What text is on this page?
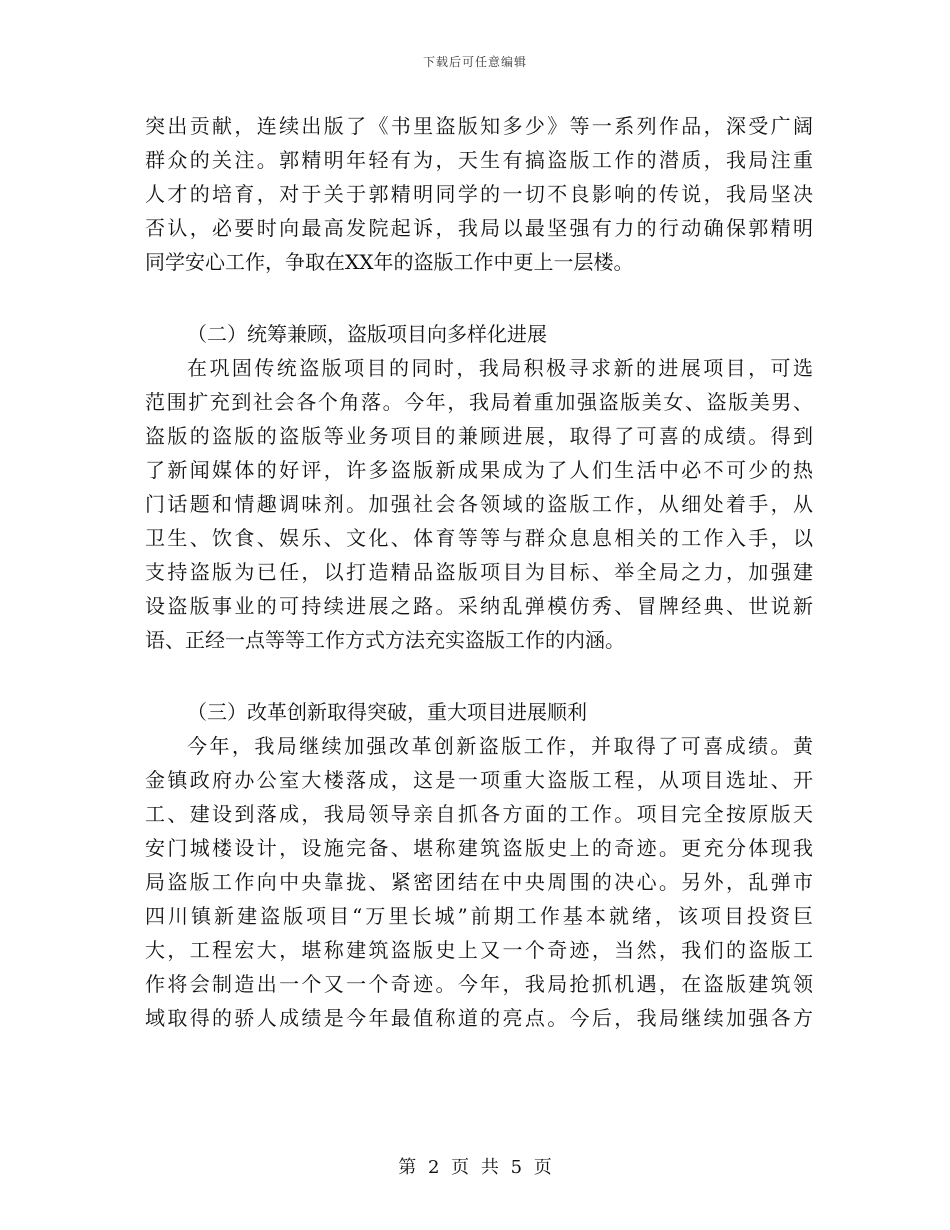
下载后可任意编辑
突出贡献，连续出版了《书里盗版知多少》等一系列作品，深受广阔
群众的关注。郭精明年轻有为，天生有搞盗版工作的潜质，我局注重
人才的培育，对于关于郭精明同学的一切不良影响的传说，我局坚决
否认，必要时向最高发院起诉，我局以最坚强有力的行动确保郭精明
同学安心工作，争取在XX年的盗版工作中更上一层楼。
（二）统筹兼顾，盗版项目向多样化进展
在巩固传统盗版项目的同时，我局积极寻求新的进展项目，可选
范围扩充到社会各个角落。今年，我局着重加强盗版美女、盗版美男、
盗版的盗版的盗版等业务项目的兼顾进展，取得了可喜的成绩。得到
了新闻媒体的好评，许多盗版新成果成为了人们生活中必不可少的热
门话题和情趣调味剂。加强社会各领域的盗版工作，从细处着手，从
卫生、饮食、娱乐、文化、体育等等与群众息息相关的工作入手，以
支持盗版为已任，以打造精品盗版项目为目标、举全局之力，加强建
设盗版事业的可持续进展之路。采纳乱弹模仿秀、冒牌经典、世说新
语、正经一点等等工作方式方法充实盗版工作的内涵。
（三）改革创新取得突破，重大项目进展顺利
今年，我局继续加强改革创新盗版工作，并取得了可喜成绩。黄
金镇政府办公室大楼落成，这是一项重大盗版工程，从项目选址、开
工、建设到落成，我局领导亲自抓各方面的工作。项目完全按原版天
安门城楼设计，设施完备、堪称建筑盗版史上的奇迹。更充分体现我
局盗版工作向中央靠拢、紧密团结在中央周围的决心。另外，乱弹市
四川镇新建盗版项目“万里长城”前期工作基本就绪，该项目投资巨
大，工程宏大，堪称建筑盗版史上又一个奇迹，当然，我们的盗版工
作将会制造出一个又一个奇迹。今年，我局抢抓机遇，在盗版建筑领
域取得的骄人成绩是今年最值称道的亮点。今后，我局继续加强各方
第 2 页 共 5 页
